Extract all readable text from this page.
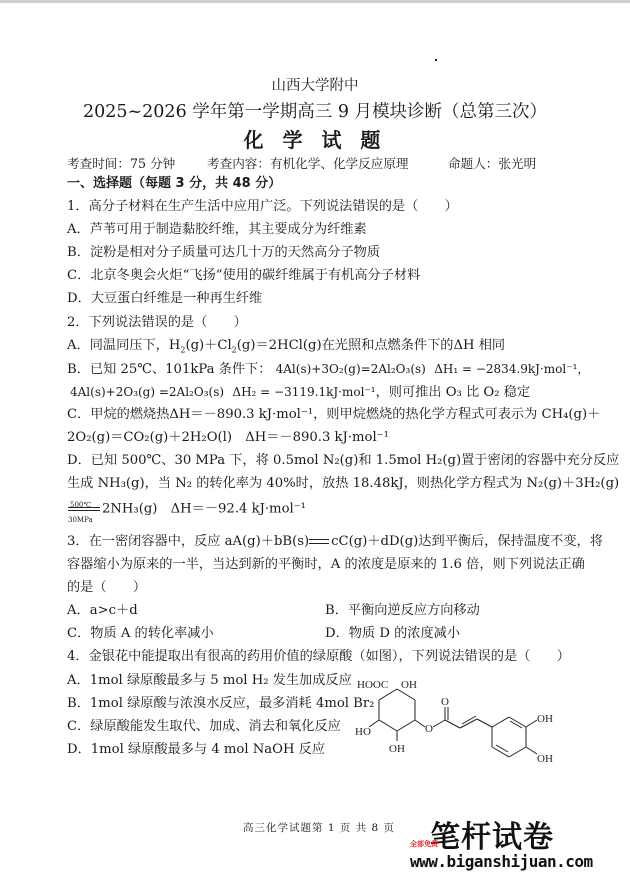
山西大学附中
2025~2026 学年第一学期高三 9 月模块诊断（总第三次）
化 学 试 题
考查时间：75 分钟	考查内容：有机化学、化学反应原理	命题人：张光明
一、选择题（每题 3 分，共 48 分）
1．高分子材料在生产生活中应用广泛。下列说法错误的是（　　）
A．芦苇可用于制造黏胶纤维，其主要成分为纤维素
B．淀粉是相对分子质量可达几十万的天然高分子物质
C．北京冬奥会火炬“飞扬”使用的碳纤维属于有机高分子材料
D．大豆蛋白纤维是一种再生纤维
2．下列说法错误的是（　　）
A．同温同压下，$H_2(g)+Cl_2(g)=2HCl(g)$在光照和点燃条件下的ΔH 相同
B．已知 25℃、101kPa 条件下： 4Al(s)+3O₂(g)=2Al₂O₃(s) ΔH₁ = −2834.9kJ·mol⁻¹，
4Al(s)+2O₃(g) =2Al₂O₃(s) ΔH₂ = −3119.1kJ·mol⁻¹，则可推出 O₃ 比 O₂ 稳定
C．甲烷的燃烧热ΔH＝－890.3 kJ·mol⁻¹，则甲烷燃烧的热化学方程式可表示为 CH₄(g)＋
2O₂(g)＝CO₂(g)＋2H₂O(l)　ΔH＝－890.3 kJ·mol⁻¹
D．已知 500℃、30 MPa 下，将 0.5mol N₂(g)和 1.5mol H₂(g)置于密闭的容器中充分反应
生成 NH₃(g)，当 N₂ 的转化率为 40%时，放热 18.48kJ，则热化学方程式为 N₂(g)＋3H₂(g)
500℃
30MPa
2NH₃(g)　ΔH＝－92.4 kJ·mol⁻¹
3．在一密闭容器中，反应 aA(g)＋bB(s) cC(g)＋dD(g)达到平衡后，保持温度不变，将
容器缩小为原来的一半，当达到新的平衡时，A 的浓度是原来的 1.6 倍，则下列说法正确
的是（　　）
A．a>c＋d	B．平衡向逆反应方向移动
C．物质 A 的转化率减小	D．物质 D 的浓度减小
4．金银花中能提取出有很高的药用价值的绿原酸（如图），下列说法错误的是（　　）
A．1mol 绿原酸最多与 5 mol H₂ 发生加成反应
B．1mol 绿原酸与浓溴水反应，最多消耗 4mol Br₂
C．绿原酸能发生取代、加成、消去和氧化反应
D．1mol 绿原酸最多与 4 mol NaOH 反应
HOOC OH
HO
OH
O
O
OH
OH
高三化学试题第 1 页 共 8 页 笔杆试卷
全部免费
www.biganshijuan.com
